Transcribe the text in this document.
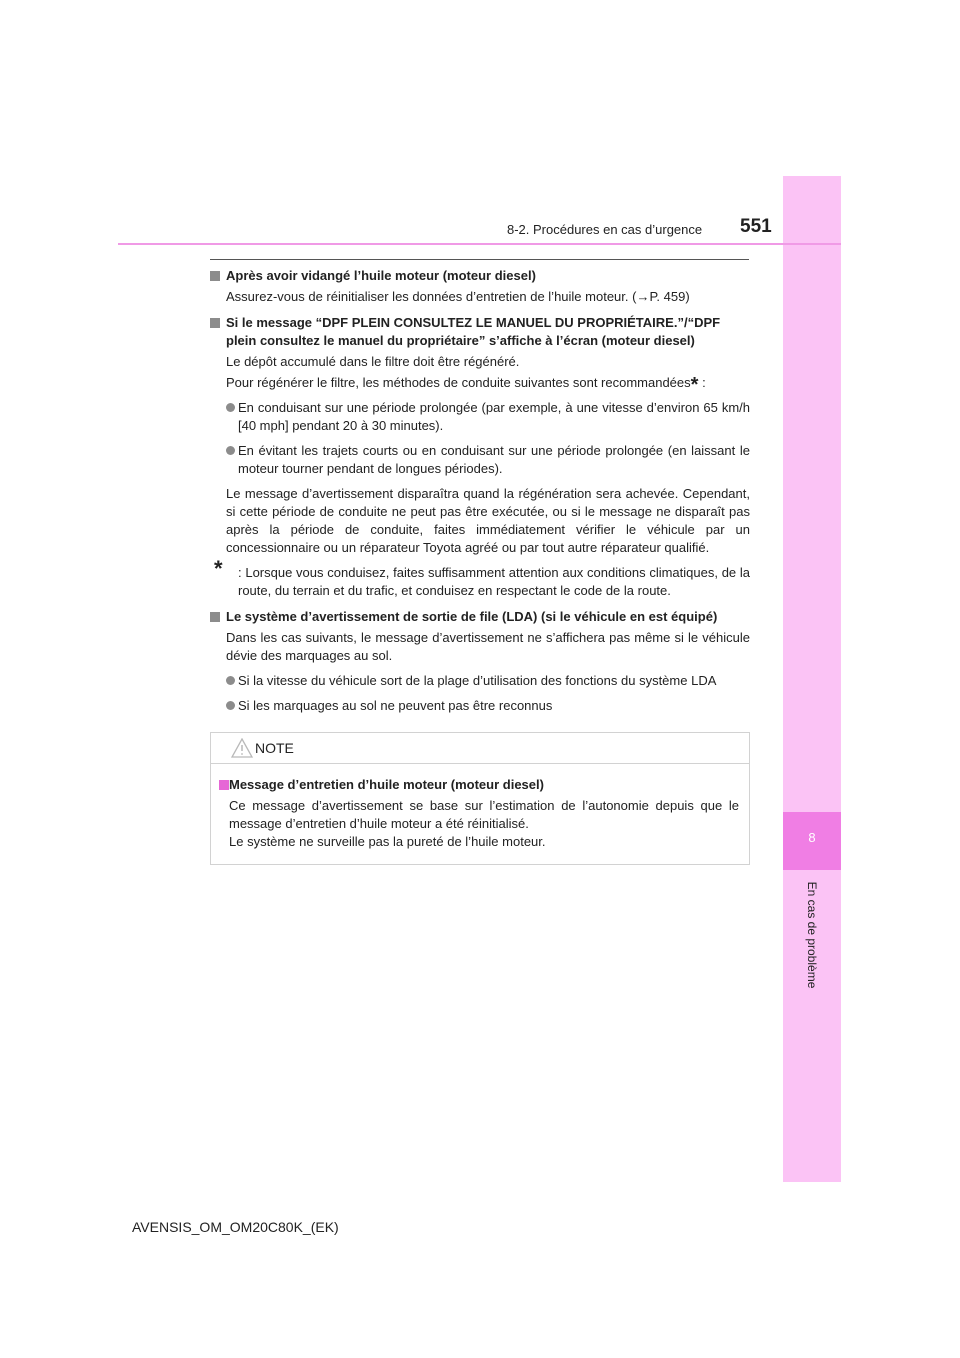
8
En cas de problème
8-2. Procédures en cas d’urgence 551
Après avoir vidangé l’huile moteur (moteur diesel)
Assurez-vous de réinitialiser les données d’entretien de l’huile moteur. (→P. 459)
Si le message “DPF PLEIN CONSULTEZ LE MANUEL DU PROPRIÉTAIRE.”/“DPF plein consultez le manuel du propriétaire” s’affiche à l’écran (moteur diesel)
Le dépôt accumulé dans le filtre doit être régénéré.
Pour régénérer le filtre, les méthodes de conduite suivantes sont recommandées* :
En conduisant sur une période prolongée (par exemple, à une vitesse d’environ 65 km/h [40 mph] pendant 20 à 30 minutes).
En évitant les trajets courts ou en conduisant sur une période prolongée (en laissant le moteur tourner pendant de longues périodes).
Le message d’avertissement disparaîtra quand la régénération sera achevée. Cependant, si cette période de conduite ne peut pas être exécutée, ou si le message ne disparaît pas après la période de conduite, faites immédiatement vérifier le véhicule par un concessionnaire ou un réparateur Toyota agréé ou par tout autre réparateur qualifié.
* : Lorsque vous conduisez, faites suffisamment attention aux conditions climatiques, de la route, du terrain et du trafic, et conduisez en respectant le code de la route.
Le système d’avertissement de sortie de file (LDA) (si le véhicule en est équipé)
Dans les cas suivants, le message d’avertissement ne s’affichera pas même si le véhicule dévie des marquages au sol.
Si la vitesse du véhicule sort de la plage d’utilisation des fonctions du système LDA
Si les marquages au sol ne peuvent pas être reconnus
NOTE
Message d’entretien d’huile moteur (moteur diesel)
Ce message d’avertissement se base sur l’estimation de l’autonomie depuis que le message d’entretien d’huile moteur a été réinitialisé.
Le système ne surveille pas la pureté de l’huile moteur.
AVENSIS_OM_OM20C80K_(EK)
